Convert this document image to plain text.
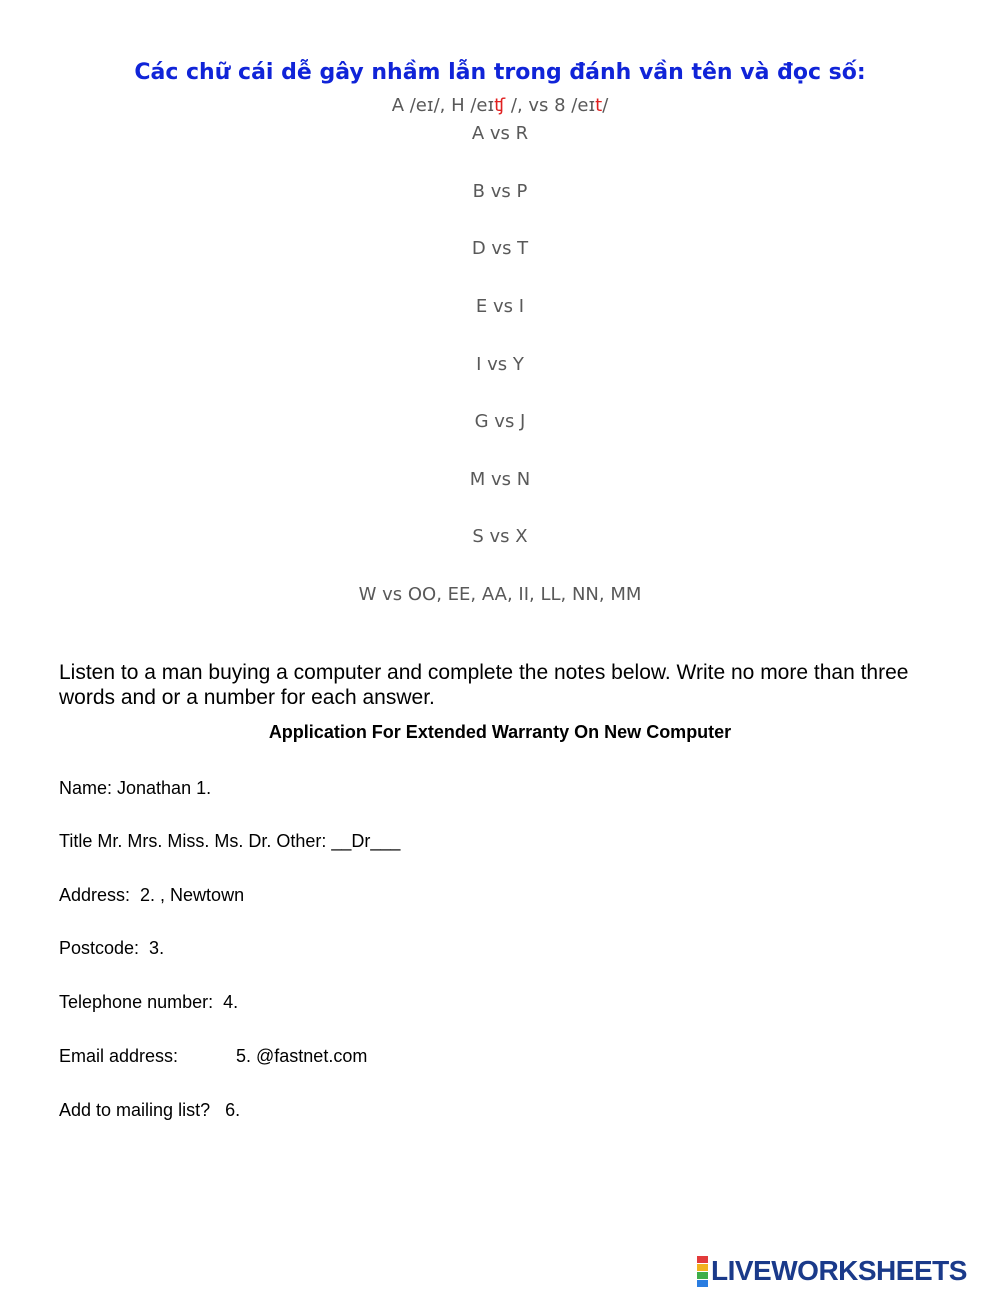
Các chữ cái dễ gây nhầm lẫn trong đánh vần tên và đọc số:
A /eɪ/, H /eɪʧ /, vs 8 /eɪt/
A vs R
B vs P
D vs T
E vs I
I vs Y
G vs J
M vs N
S vs X
W vs OO, EE, AA, II, LL, NN, MM
Listen to a man buying a computer and complete the notes below. Write no more than three words and or a number for each answer.
Application For Extended Warranty On New Computer
Name: Jonathan 1.
Title Mr. Mrs. Miss. Ms. Dr. Other: __Dr___
Address:  2. , Newtown
Postcode:  3.
Telephone number:  4.
Email address:	5. @fastnet.com
Add to mailing list?   6.
LIVEWORKSHEETS
